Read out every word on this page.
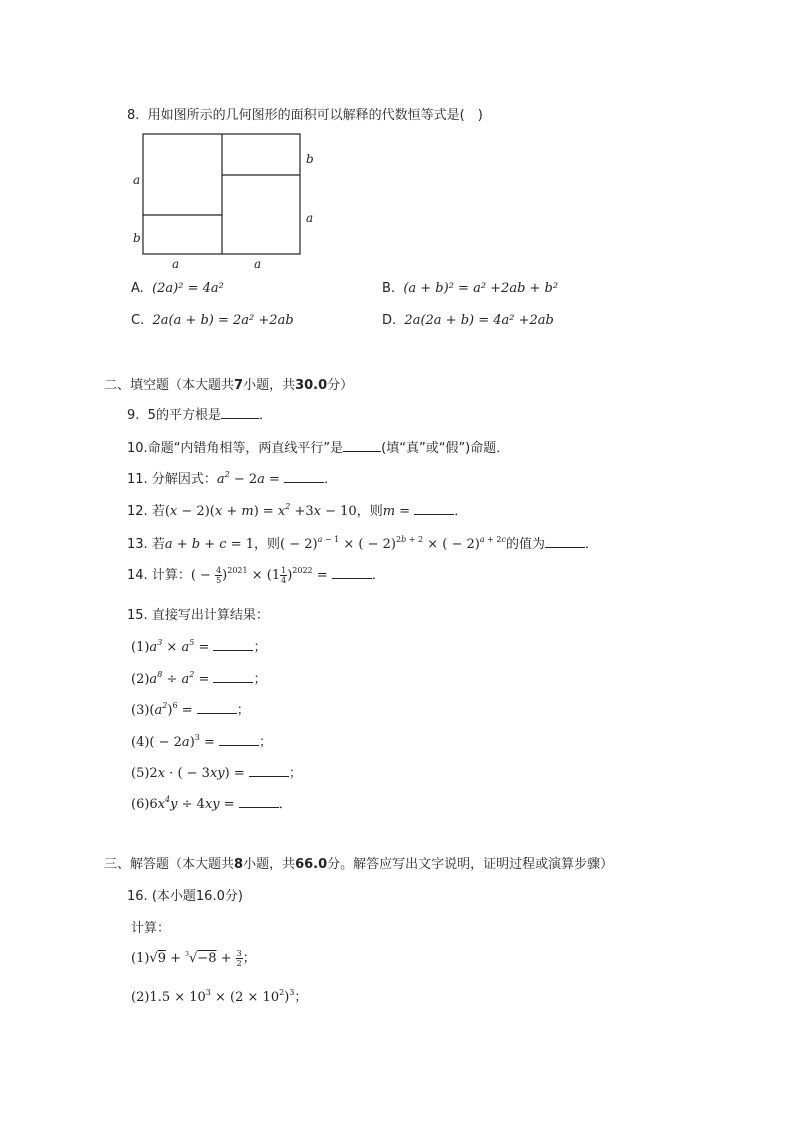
8. 用如图所示的几何图形的面积可以解释的代数恒等式是(　)
a
b
b
a
a	a
A. (2a)² = 4a²	B. (a + b)² = a² +2ab + b²
C. 2a(a + b) = 2a² +2ab	D. 2a(2a + b) = 4a² +2ab
二、填空题（本大题共7小题，共30.0分）
9. 5的平方根是	．
10.命题“内错角相等，两直线平行”是	(填“真”或“假”)命题．
11. 分解因式：$a^2 - 2a$ =	．
12. 若$(x - 2)(x + m) = x^2 +3x - 10$，则m =	．
13. 若a + b + c = 1，则( − 2)$^{a - 1}$ × ( − 2)$^{2b + 2}$ × ( − 2)$^{a + 2c}$的值为	．
14. 计算：( − $\frac{4}{5} )^{2021} \times (1 \frac{1}{4} )^{2022}$ =	．
15. 直接写出计算结果：
$(1)a^3 \times a^5$ =	；
$(2)a^8 \div a^2$ =	；
$(3)(a^2)^6$ =	；
$(4)( - 2a)^3$ =	；
(5)2x · ( − 3xy) =	；
$(6)6x^4y \div 4xy$ =	．
三、解答题（本大题共8小题，共66.0分。解答应写出文字说明，证明过程或演算步骤）
16. (本小题16.0分)
计算：
$(1)√9 + ^3√-8 + \frac{3}{2}$ ；
$(2)1.5 \times 10^3 \times (2 \times 10^2)^3$；
